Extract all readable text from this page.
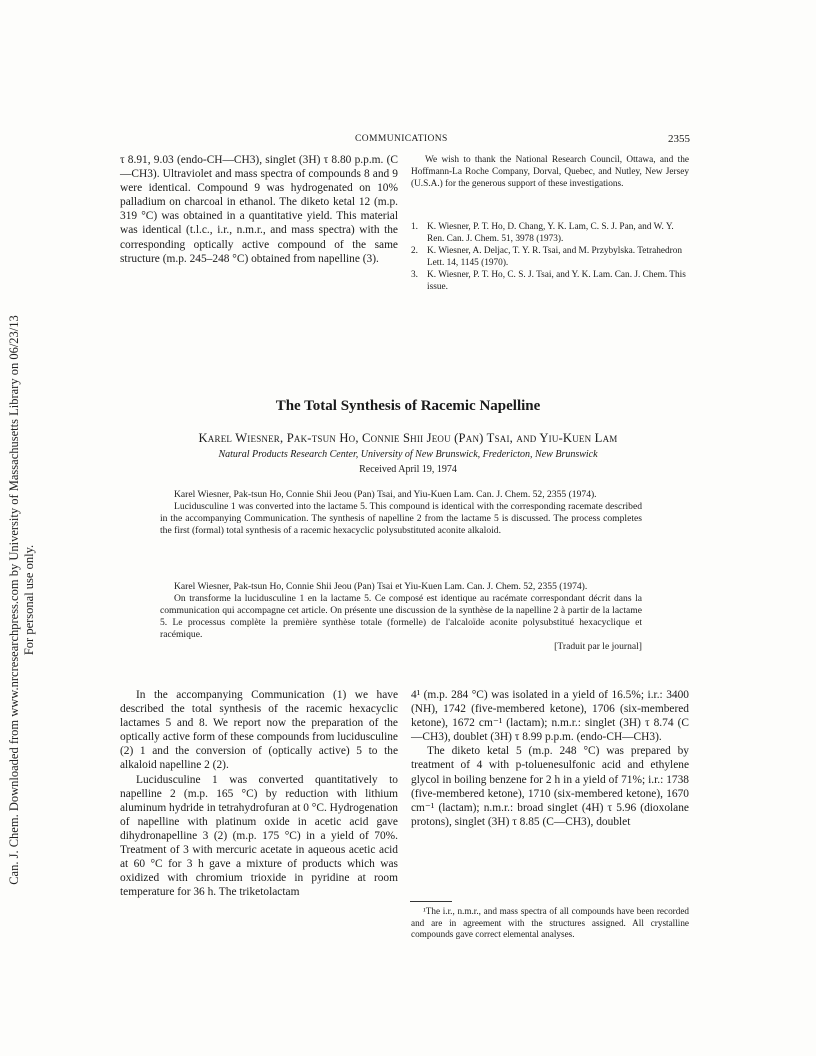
Can. J. Chem. Downloaded from www.nrcresearchpress.com by University of Massachusetts Library on 06/23/13 For personal use only.
COMMUNICATIONS	2355

τ 8.91, 9.03 (endo-CH—CH3), singlet (3H) τ 8.80 p.p.m. (C—CH3). Ultraviolet and mass spectra of compounds 8 and 9 were identical. Compound 9 was hydrogenated on 10% palladium on charcoal in ethanol. The diketo ketal 12 (m.p. 319 °C) was obtained in a quantitative yield. This material was identical (t.l.c., i.r., n.m.r., and mass spectra) with the corresponding optically active compound of the same structure (m.p. 245–248 °C) obtained from napelline (3).

We wish to thank the National Research Council, Ottawa, and the Hoffmann-La Roche Company, Dorval, Quebec, and Nutley, New Jersey (U.S.A.) for the generous support of these investigations.

1. K. Wiesner, P. T. Ho, D. Chang, Y. K. Lam, C. S. J. Pan, and W. Y. Ren. Can. J. Chem. 51, 3978 (1973).
2. K. Wiesner, A. Deljac, T. Y. R. Tsai, and M. Przybylska. Tetrahedron Lett. 14, 1145 (1970).
3. K. Wiesner, P. T. Ho, C. S. J. Tsai, and Y. K. Lam. Can. J. Chem. This issue.
The Total Synthesis of Racemic Napelline
Karel Wiesner, Pak-tsun Ho, Connie Shii Jeou (Pan) Tsai, and Yiu-Kuen Lam
Natural Products Research Center, University of New Brunswick, Fredericton, New Brunswick
Received April 19, 1974

Karel Wiesner, Pak-tsun Ho, Connie Shii Jeou (Pan) Tsai, and Yiu-Kuen Lam. Can. J. Chem. 52, 2355 (1974).

Lucidusculine 1 was converted into the lactame 5. This compound is identical with the corresponding racemate described in the accompanying Communication. The synthesis of napelline 2 from the lactame 5 is discussed. The process completes the first (formal) total synthesis of a racemic hexacyclic polysubstituted aconite alkaloid.

Karel Wiesner, Pak-tsun Ho, Connie Shii Jeou (Pan) Tsai et Yiu-Kuen Lam. Can. J. Chem. 52, 2355 (1974).

On transforme la lucidusculine 1 en la lactame 5. Ce composé est identique au racémate correspondant décrit dans la communication qui accompagne cet article. On présente une discussion de la synthèse de la napelline 2 à partir de la lactame 5. Le processus complète la première synthèse totale (formelle) de l'alcaloïde aconite polysubstitué hexacyclique et racémique.

[Traduit par le journal]

In the accompanying Communication (1) we have described the total synthesis of the racemic hexacyclic lactames 5 and 8. We report now the preparation of the optically active form of these compounds from lucidusculine (2) 1 and the conversion of (optically active) 5 to the alkaloid napelline 2 (2).

Lucidusculine 1 was converted quantitatively to napelline 2 (m.p. 165 °C) by reduction with lithium aluminum hydride in tetrahydrofuran at 0 °C. Hydrogenation of napelline with platinum oxide in acetic acid gave dihydronapelline 3 (2) (m.p. 175 °C) in a yield of 70%. Treatment of 3 with mercuric acetate in aqueous acetic acid at 60 °C for 3 h gave a mixture of products which was oxidized with chromium trioxide in pyridine at room temperature for 36 h. The triketolactam

4¹ (m.p. 284 °C) was isolated in a yield of 16.5%; i.r.: 3400 (NH), 1742 (five-membered ketone), 1706 (six-membered ketone), 1672 cm⁻¹ (lactam); n.m.r.: singlet (3H) τ 8.74 (C—CH3), doublet (3H) τ 8.99 p.p.m. (endo-CH—CH3).

The diketo ketal 5 (m.p. 248 °C) was prepared by treatment of 4 with p-toluenesulfonic acid and ethylene glycol in boiling benzene for 2 h in a yield of 71%; i.r.: 1738 (five-membered ketone), 1710 (six-membered ketone), 1670 cm⁻¹ (lactam); n.m.r.: broad singlet (4H) τ 5.96 (dioxolane protons), singlet (3H) τ 8.85 (C—CH3), doublet

¹The i.r., n.m.r., and mass spectra of all compounds have been recorded and are in agreement with the structures assigned. All crystalline compounds gave correct elemental analyses.
